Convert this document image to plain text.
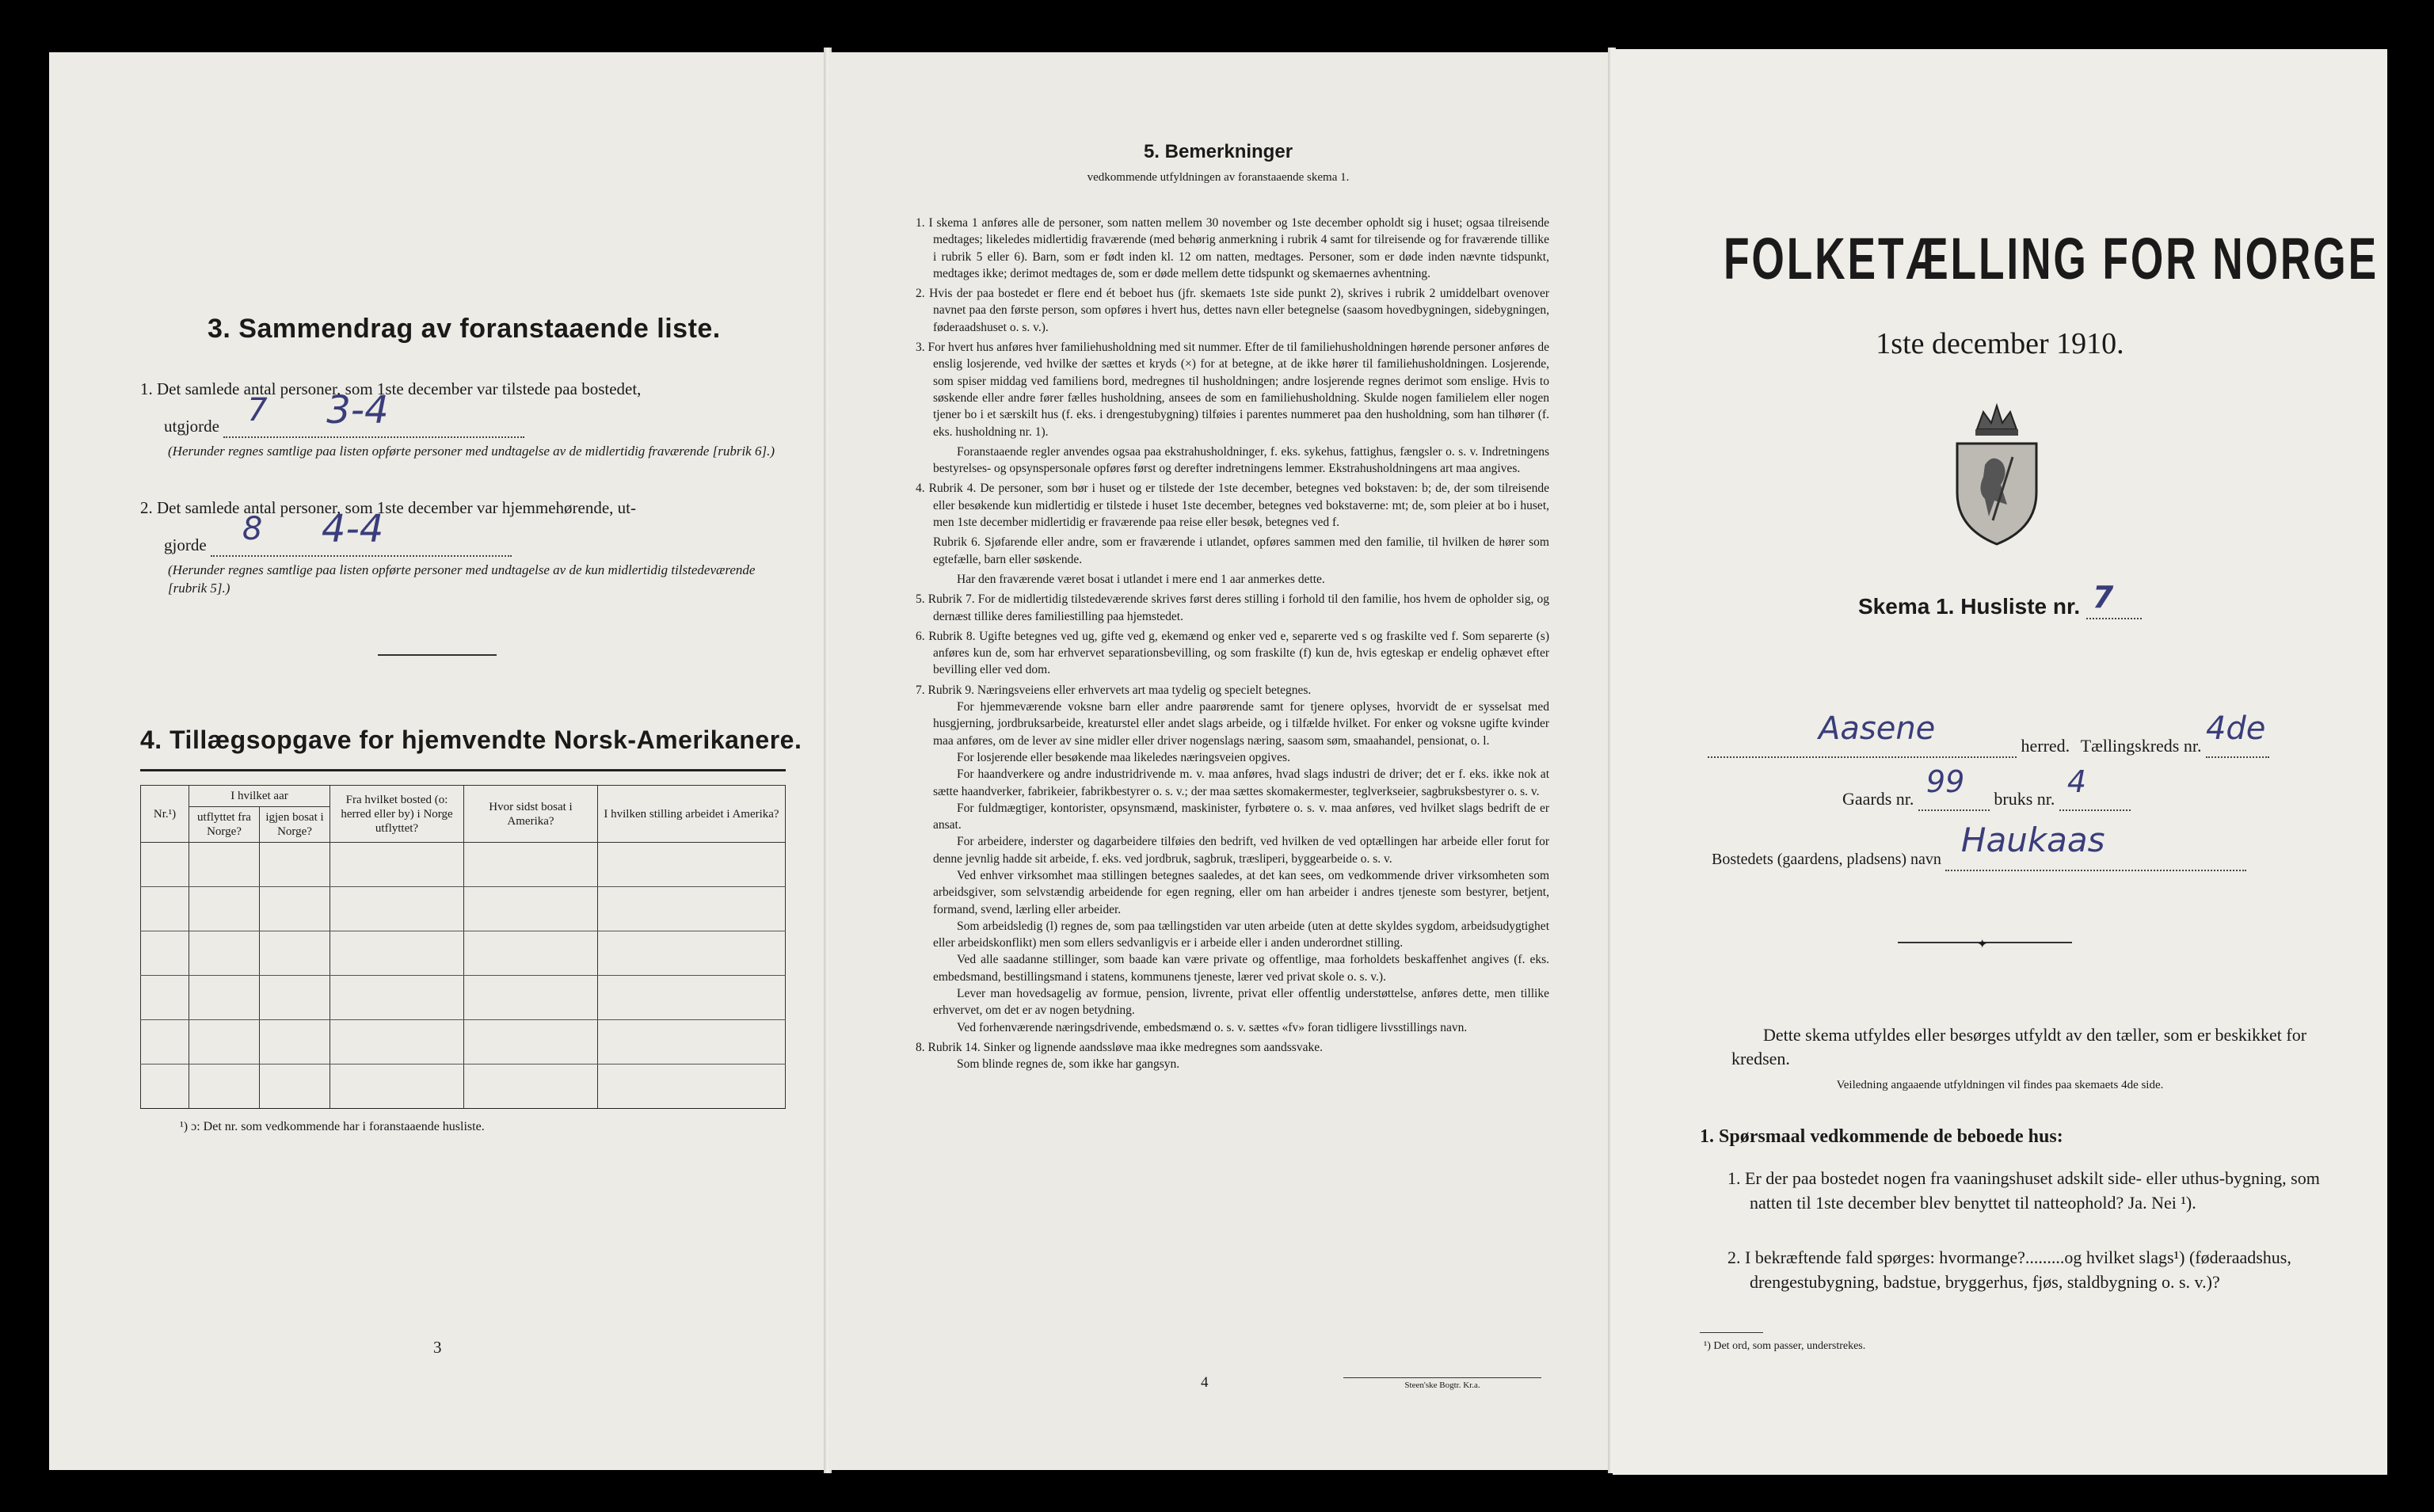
3. Sammendrag av foranstaaende liste.
1. Det samlede antal personer, som 1ste december var tilstede paa bostedet,
utgjorde 7 3-4
(Herunder regnes samtlige paa listen opførte personer med undtagelse av de midlertidig fraværende [rubrik 6].)
2. Det samlede antal personer, som 1ste december var hjemmehørende, ut-
gjorde 8 4-4
(Herunder regnes samtlige paa listen opførte personer med undtagelse av de kun midlertidig tilstedeværende [rubrik 5].)
4. Tillægsopgave for hjemvendte Norsk-Amerikanere.
Nr.¹)	I hvilket aar		Fra hvilket bosted (o: herred eller by) i Norge utflyttet?	Hvor sidst bosat i Amerika?	I hvilken stilling arbeidet i Amerika?
	utflyttet fra Norge?	igjen bosat i Norge?			

¹) ɔ: Det nr. som vedkommende har i foranstaaende husliste.
3
5. Bemerkninger
vedkommende utfyldningen av foranstaaende skema 1.

1. I skema 1 anføres alle de personer, som natten mellem 30 november og 1ste december opholdt sig i huset; ogsaa tilreisende medtages; likeledes midlertidig fraværende (med behørig anmerkning i rubrik 4 samt for tilreisende og for fraværende tillike i rubrik 5 eller 6). Barn, som er født inden kl. 12 om natten, medtages. Personer, som er døde inden nævnte tidspunkt, medtages ikke; derimot medtages de, som er døde mellem dette tidspunkt og skemaernes avhentning.

2. Hvis der paa bostedet er flere end ét beboet hus (jfr. skemaets 1ste side punkt 2), skrives i rubrik 2 umiddelbart ovenover navnet paa den første person, som opføres i hvert hus, dettes navn eller betegnelse (saasom hovedbygningen, sidebygningen, føderaadshuset o. s. v.).

3. For hvert hus anføres hver familiehusholdning med sit nummer. Efter de til familiehusholdningen hørende personer anføres de enslig losjerende, ved hvilke der sættes et kryds (×) for at betegne, at de ikke hører til familiehusholdningen. Losjerende, som spiser middag ved familiens bord, medregnes til husholdningen; andre losjerende regnes derimot som enslige. Hvis to søskende eller andre fører fælles husholdning, ansees de som en familiehusholdning. Skulde nogen familielem eller nogen tjener bo i et særskilt hus (f. eks. i drengestubygning) tilføies i parentes nummeret paa den husholdning, som han tilhører (f. eks. husholdning nr. 1).

Foranstaaende regler anvendes ogsaa paa ekstrahusholdninger, f. eks. sykehus, fattighus, fængsler o. s. v. Indretningens bestyrelses- og opsynspersonale opføres først og derefter indretningens lemmer. Ekstrahusholdningens art maa angives.

4. Rubrik 4. De personer, som bør i huset og er tilstede der 1ste december, betegnes ved bokstaven: b; de, der som tilreisende eller besøkende kun midlertidig er tilstede i huset 1ste december, betegnes ved bokstaverne: mt; de, som pleier at bo i huset, men 1ste december midlertidig er fraværende paa reise eller besøk, betegnes ved f.

Rubrik 6. Sjøfarende eller andre, som er fraværende i utlandet, opføres sammen med den familie, til hvilken de hører som egtefælle, barn eller søskende.

Har den fraværende været bosat i utlandet i mere end 1 aar anmerkes dette.

5. Rubrik 7. For de midlertidig tilstedeværende skrives først deres stilling i forhold til den familie, hos hvem de opholder sig, og dernæst tillike deres familiestilling paa hjemstedet.

6. Rubrik 8. Ugifte betegnes ved ug, gifte ved g, ekemænd og enker ved e, separerte ved s og fraskilte ved f. Som separerte (s) anføres kun de, som har erhvervet separationsbevilling, og som fraskilte (f) kun de, hvis egteskap er endelig ophævet efter bevilling eller ved dom.

7. Rubrik 9. Næringsveiens eller erhvervets art maa tydelig og specielt betegnes.

For hjemmeværende voksne barn eller andre paarørende samt for tjenere oplyses, hvorvidt de er sysselsat med husgjerning, jordbruksarbeide, kreaturstel eller andet slags arbeide, og i tilfælde hvilket. For enker og voksne ugifte kvinder maa anføres, om de lever av sine midler eller driver nogenslags næring, saasom søm, smaahandel, pensionat, o. l.

For losjerende eller besøkende maa likeledes næringsveien opgives.

For haandverkere og andre industridrivende m. v. maa anføres, hvad slags industri de driver; det er f. eks. ikke nok at sætte haandverker, fabrikeier, fabrikbestyrer o. s. v.; der maa sættes skomakermester, teglverkseier, sagbruksbestyrer o. s. v.

For fuldmægtiger, kontorister, opsynsmænd, maskinister, fyrbøtere o. s. v. maa anføres, ved hvilket slags bedrift de er ansat.

For arbeidere, inderster og dagarbeidere tilføies den bedrift, ved hvilken de ved optællingen har arbeide eller forut for denne jevnlig hadde sit arbeide, f. eks. ved jordbruk, sagbruk, træsliperi, byggearbeide o. s. v.

Ved enhver virksomhet maa stillingen betegnes saaledes, at det kan sees, om vedkommende driver virksomheten som arbeidsgiver, som selvstændig arbeidende for egen regning, eller om han arbeider i andres tjeneste som bestyrer, betjent, formand, svend, lærling eller arbeider.

Som arbeidsledig (l) regnes de, som paa tællingstiden var uten arbeide (uten at dette skyldes sygdom, arbeidsudygtighet eller arbeidskonflikt) men som ellers sedvanligvis er i arbeide eller i anden underordnet stilling.

Ved alle saadanne stillinger, som baade kan være private og offentlige, maa forholdets beskaffenhet angives (f. eks. embedsmand, bestillingsmand i statens, kommunens tjeneste, lærer ved privat skole o. s. v.).

Lever man hovedsagelig av formue, pension, livrente, privat eller offentlig understøttelse, anføres dette, men tillike erhvervet, om det er av nogen betydning.

Ved forhenværende næringsdrivende, embedsmænd o. s. v. sættes «fv» foran tidligere livsstillings navn.

8. Rubrik 14. Sinker og lignende aandssløve maa ikke medregnes som aandssvake.

Som blinde regnes de, som ikke har gangsyn.

4	Steen'ske Bogtr. Kr.a.
FOLKETÆLLING FOR NORGE
1ste december 1910.
Skema 1. Husliste nr. 7
Aasene	herred. Tællingskreds nr. 4de
Gaards nr. 99 bruks nr. 4
Bostedets (gaardens, pladsens) navn Haukaas
✦
Dette skema utfyldes eller besørges utfyldt av den tæller, som er beskikket for kredsen.
Veiledning angaaende utfyldningen vil findes paa skemaets 4de side.
1. Spørsmaal vedkommende de beboede hus:
1. Er der paa bostedet nogen fra vaaningshuset adskilt side- eller uthus-bygning, som natten til 1ste december blev benyttet til natteophold? Ja. Nei ¹).
2. I bekræftende fald spørges: hvormange?.........og hvilket slags¹) (føderaadshus, drengestubygning, badstue, bryggerhus, fjøs, staldbygning o. s. v.)?
¹) Det ord, som passer, understrekes.
